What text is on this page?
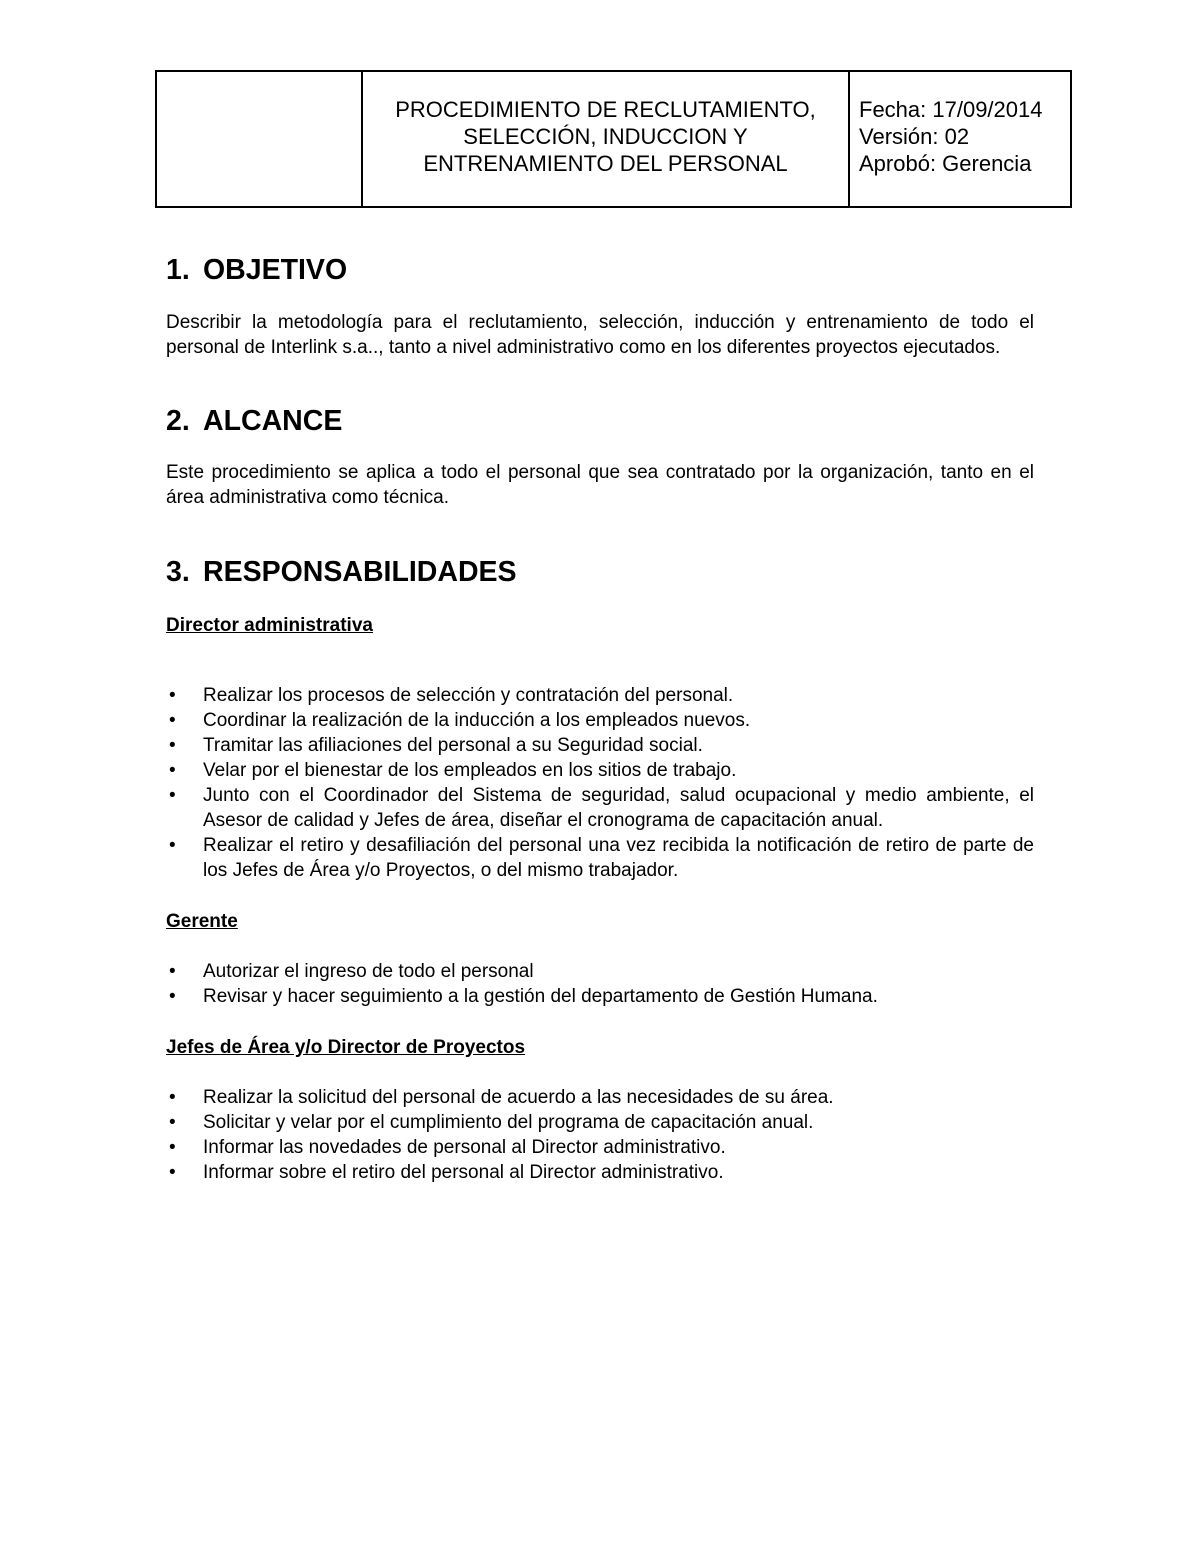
PROCEDIMIENTO DE RECLUTAMIENTO,
SELECCIÓN, INDUCCION Y
ENTRENAMIENTO DEL PERSONAL
Fecha: 17/09/2014
Versión: 02
Aprobó: Gerencia
1. OBJETIVO

Describir la metodología para el reclutamiento, selección, inducción y entrenamiento de todo el personal de Interlink s.a.., tanto a nivel administrativo como en los diferentes proyectos ejecutados.

2. ALCANCE

Este procedimiento se aplica a todo el personal que sea contratado por la organización, tanto en el área administrativa como técnica.

3. RESPONSABILIDADES

Director administrativa

• Realizar los procesos de selección y contratación del personal.
• Coordinar la realización de la inducción a los empleados nuevos.
• Tramitar las afiliaciones del personal a su Seguridad social.
• Velar por el bienestar de los empleados en los sitios de trabajo.
• Junto con el Coordinador del Sistema de seguridad, salud ocupacional y medio ambiente, el Asesor de calidad y Jefes de área, diseñar el cronograma de capacitación anual.
• Realizar el retiro y desafiliación del personal una vez recibida la notificación de retiro de parte de los Jefes de Área y/o Proyectos, o del mismo trabajador.

Gerente

• Autorizar el ingreso de todo el personal
• Revisar y hacer seguimiento a la gestión del departamento de Gestión Humana.

Jefes de Área y/o Director de Proyectos

• Realizar la solicitud del personal de acuerdo a las necesidades de su área.
• Solicitar y velar por el cumplimiento del programa de capacitación anual.
• Informar las novedades de personal al Director administrativo.
• Informar sobre el retiro del personal al Director administrativo.
